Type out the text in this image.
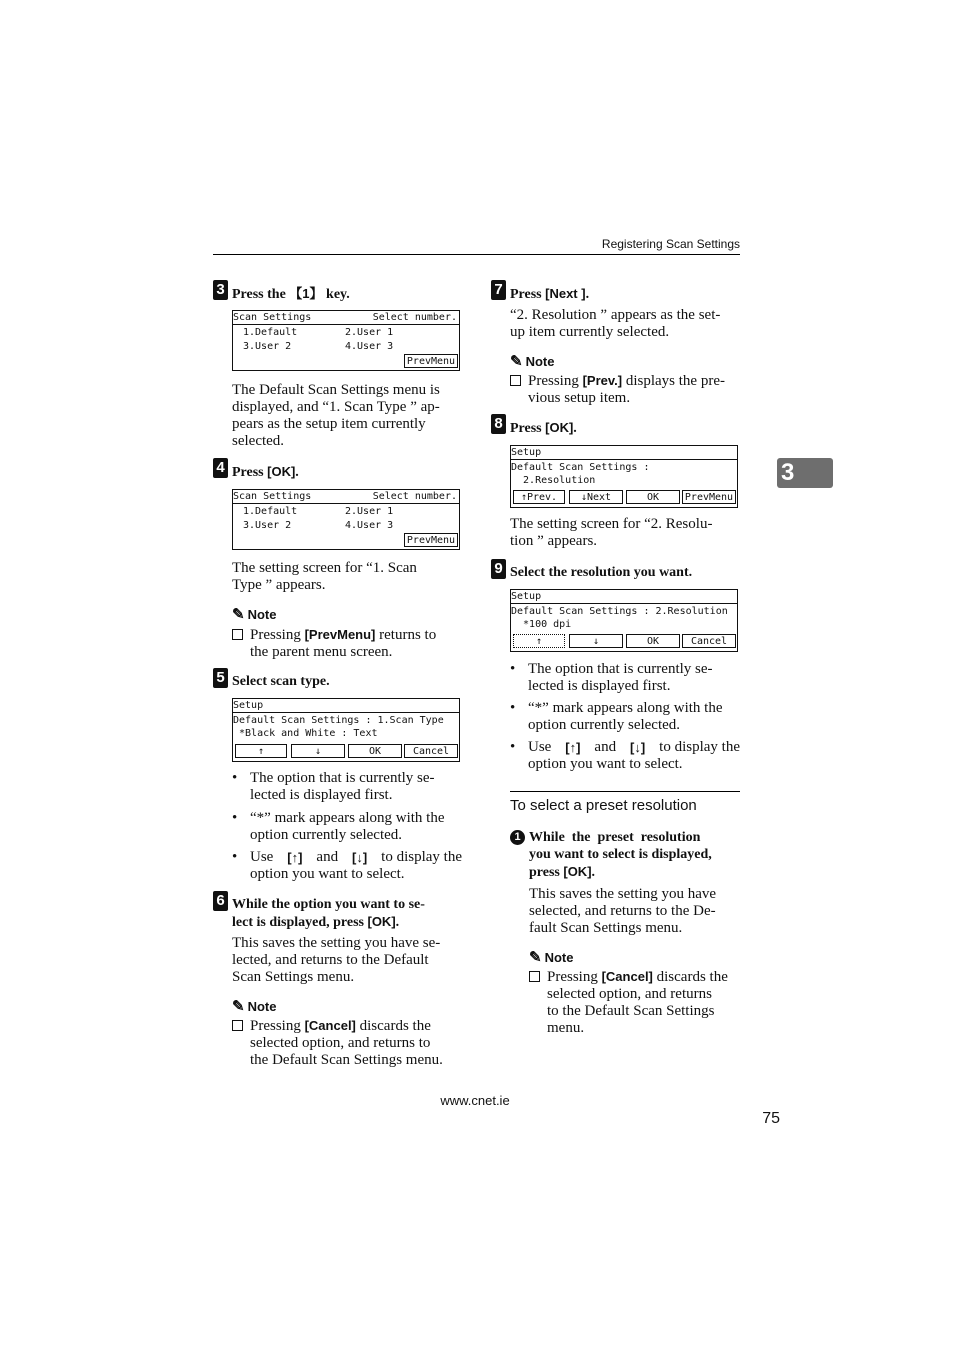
Registering Scan Settings
3
3 Press the 【1】 key.
Scan Settings	Select number.
1.Default	2.User 1
3.User 2	4.User 3
PrevMenu
The Default Scan Settings menu is
displayed, and “1. Scan Type ” ap-
pears as the setup item currently
selected.
4 Press [OK].
Scan Settings	Select number.
1.Default	2.User 1
3.User 2	4.User 3
PrevMenu
The setting screen for “1. Scan
Type ” appears.
✎ Note
Pressing [PrevMenu] returns to
the parent menu screen.
5 Select scan type.
Setup
Default Scan Settings : 1.Scan Type
*Black and White : Text
↑	↓	OK	Cancel
• The option that is currently se-
lected is displayed first.
• “*” mark appears along with the
option currently selected.
• Use [↑] and [↓] to display the
option you want to select.
6 While the option you want to se-
lect is displayed, press [OK].
This saves the setting you have se-
lected, and returns to the Default
Scan Settings menu.
✎ Note
Pressing [Cancel] discards the
selected option, and returns to
the Default Scan Settings menu.
7 Press [Next ].
“2. Resolution ” appears as the set-
up item currently selected.
✎ Note
Pressing [Prev.] displays the pre-
vious setup item.
8 Press [OK].
Setup
Default Scan Settings :
2.Resolution
↑Prev.	↓Next	OK	PrevMenu
The setting screen for “2. Resolu-
tion ” appears.
9 Select the resolution you want.
Setup
Default Scan Settings : 2.Resolution
*100 dpi
↑	↓	OK	Cancel
• The option that is currently se-
lected is displayed first.
• “*” mark appears along with the
option currently selected.
• Use [↑] and [↓] to display the
option you want to select.
To select a preset resolution
1 While  the  preset  resolution
you want to select is displayed,
press [OK].
This saves the setting you have
selected, and returns to the De-
fault Scan Settings menu.
✎ Note
Pressing [Cancel] discards the
selected option, and returns
to the Default Scan Settings
menu.
www.cnet.ie
75
